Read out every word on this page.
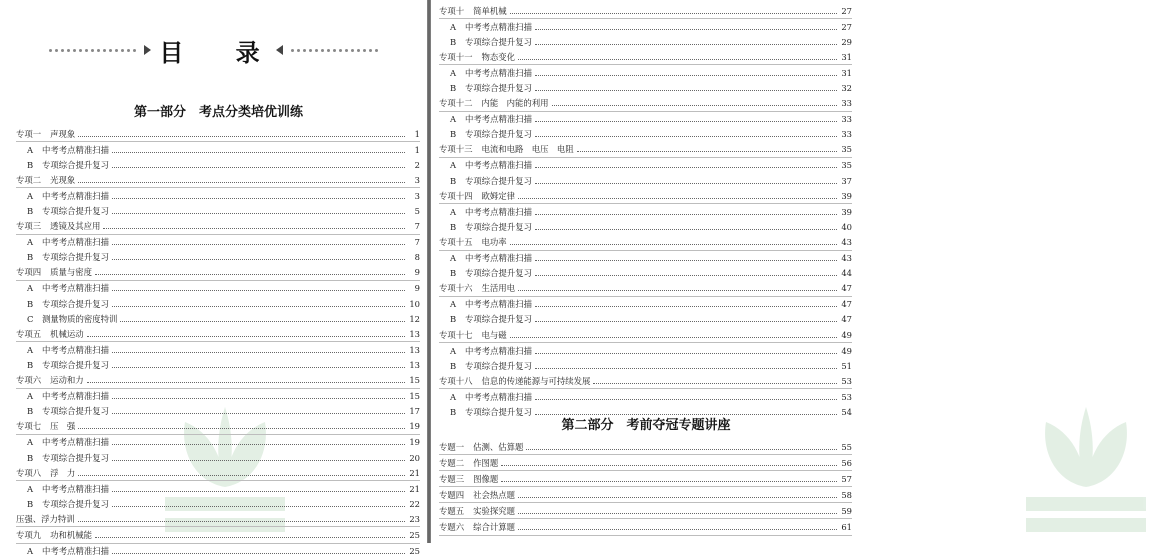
目 录
第一部分　考点分类培优训练
专项一 声现象	1
A 中考考点精准扫描	1
B 专项综合提升复习	2
专项二 光现象	3
A 中考考点精准扫描	3
B 专项综合提升复习	5
专项三 透镜及其应用	7
A 中考考点精准扫描	7
B 专项综合提升复习	8
专项四 质量与密度	9
A 中考考点精准扫描	9
B 专项综合提升复习	10
C 测量物质的密度特训	12
专项五 机械运动	13
A 中考考点精准扫描	13
B 专项综合提升复习	13
专项六 运动和力	15
A 中考考点精准扫描	15
B 专项综合提升复习	17
专项七 压　强	19
A 中考考点精准扫描	19
B 专项综合提升复习	20
专项八 浮　力	21
A 中考考点精准扫描	21
B 专项综合提升复习	22
压强、浮力特训	23
专项九 功和机械能	25
A 中考考点精准扫描	25
专项十 简单机械	27
A 中考考点精准扫描	27
B 专项综合提升复习	29
专项十一 物态变化	31
A 中考考点精准扫描	31
B 专项综合提升复习	32
专项十二 内能　内能的利用	33
A 中考考点精准扫描	33
B 专项综合提升复习	33
专项十三 电流和电路　电压　电阻	35
A 中考考点精准扫描	35
B 专项综合提升复习	37
专项十四 欧姆定律	39
A 中考考点精准扫描	39
B 专项综合提升复习	40
专项十五 电功率	43
A 中考考点精准扫描	43
B 专项综合提升复习	44
专项十六 生活用电	47
A 中考考点精准扫描	47
B 专项综合提升复习	47
专项十七 电与磁	49
A 中考考点精准扫描	49
B 专项综合提升复习	51
专项十八 信息的传递能源与可持续发展	53
A 中考考点精准扫描	53
B 专项综合提升复习	54
第二部分　考前夺冠专题讲座
专题一 估测、估算题	55
专题二 作图题	56
专题三 图像题	57
专题四 社会热点题	58
专题五 实验探究题	59
专题六 综合计算题	61
